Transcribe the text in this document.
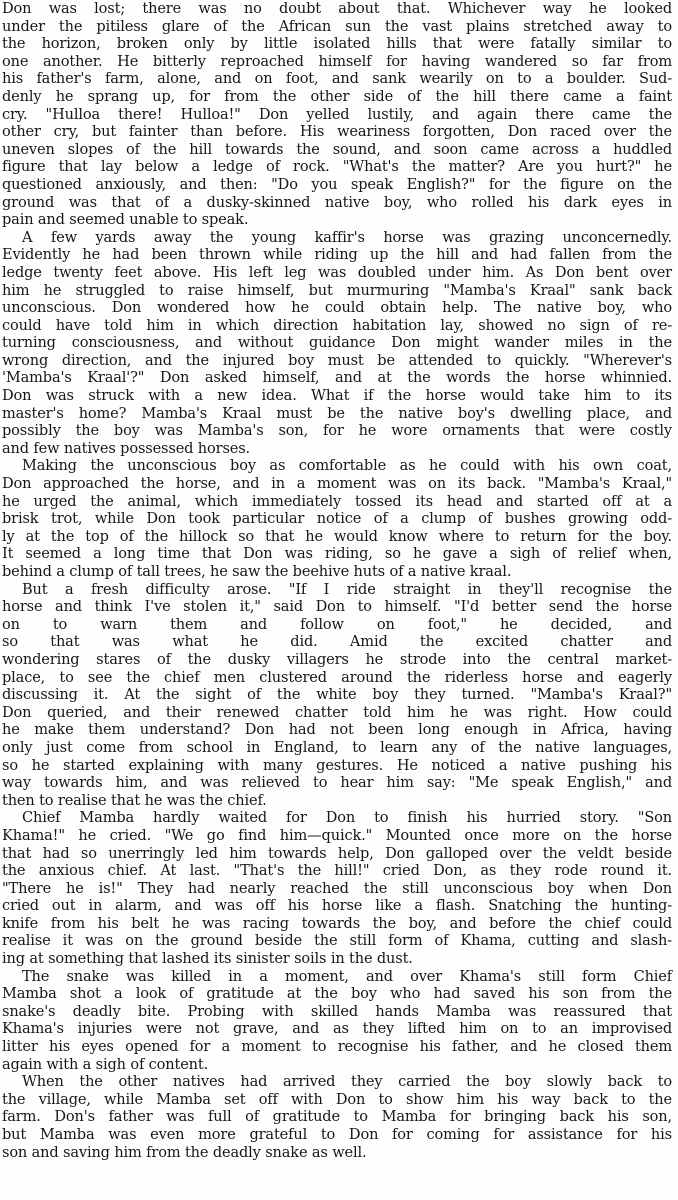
Don was lost; there was no doubt about that. Whichever way he looked
under the pitiless glare of the African sun the vast plains stretched away to
the horizon, broken only by little isolated hills that were fatally similar to
one another. He bitterly reproached himself for having wandered so far from
his father's farm, alone, and on foot, and sank wearily on to a boulder. Sud-
denly he sprang up, for from the other side of the hill there came a faint
cry. "Hulloa there! Hulloa!" Don yelled lustily, and again there came the
other cry, but fainter than before. His weariness forgotten, Don raced over the
uneven slopes of the hill towards the sound, and soon came across a huddled
figure that lay below a ledge of rock. "What's the matter? Are you hurt?" he
questioned anxiously, and then: "Do you speak English?" for the figure on the
ground was that of a dusky-skinned native boy, who rolled his dark eyes in
pain and seemed unable to speak.
A few yards away the young kaffir's horse was grazing unconcernedly.
Evidently he had been thrown while riding up the hill and had fallen from the
ledge twenty feet above. His left leg was doubled under him. As Don bent over
him he struggled to raise himself, but murmuring "Mamba's Kraal" sank back
unconscious. Don wondered how he could obtain help. The native boy, who
could have told him in which direction habitation lay, showed no sign of re-
turning consciousness, and without guidance Don might wander miles in the
wrong direction, and the injured boy must be attended to quickly. "Wherever's
'Mamba's Kraal'?" Don asked himself, and at the words the horse whinnied.
Don was struck with a new idea. What if the horse would take him to its
master's home? Mamba's Kraal must be the native boy's dwelling place, and
possibly the boy was Mamba's son, for he wore ornaments that were costly
and few natives possessed horses.
Making the unconscious boy as comfortable as he could with his own coat,
Don approached the horse, and in a moment was on its back. "Mamba's Kraal,"
he urged the animal, which immediately tossed its head and started off at a
brisk trot, while Don took particular notice of a clump of bushes growing odd-
ly at the top of the hillock so that he would know where to return for the boy.
It seemed a long time that Don was riding, so he gave a sigh of relief when,
behind a clump of tall trees, he saw the beehive huts of a native kraal.
But a fresh difficulty arose. "If I ride straight in they'll recognise the
horse and think I've stolen it," said Don to himself. "I'd better send the horse
on to warn them and follow on foot," he decided, and
so that was what he did. Amid the excited chatter and
wondering stares of the dusky villagers he strode into the central market-
place, to see the chief men clustered around the riderless horse and eagerly
discussing it. At the sight of the white boy they turned. "Mamba's Kraal?"
Don queried, and their renewed chatter told him he was right. How could
he make them understand? Don had not been long enough in Africa, having
only just come from school in England, to learn any of the native languages,
so he started explaining with many gestures. He noticed a native pushing his
way towards him, and was relieved to hear him say: "Me speak English," and
then to realise that he was the chief.
Chief Mamba hardly waited for Don to finish his hurried story. "Son
Khama!" he cried. "We go find him—quick." Mounted once more on the horse
that had so unerringly led him towards help, Don galloped over the veldt beside
the anxious chief. At last. "That's the hill!" cried Don, as they rode round it.
"There he is!" They had nearly reached the still unconscious boy when Don
cried out in alarm, and was off his horse like a flash. Snatching the hunting-
knife from his belt he was racing towards the boy, and before the chief could
realise it was on the ground beside the still form of Khama, cutting and slash-
ing at something that lashed its sinister soils in the dust.
The snake was killed in a moment, and over Khama's still form Chief
Mamba shot a look of gratitude at the boy who had saved his son from the
snake's deadly bite. Probing with skilled hands Mamba was reassured that
Khama's injuries were not grave, and as they lifted him on to an improvised
litter his eyes opened for a moment to recognise his father, and he closed them
again with a sigh of content.
When the other natives had arrived they carried the boy slowly back to
the village, while Mamba set off with Don to show him his way back to the
farm. Don's father was full of gratitude to Mamba for bringing back his son,
but Mamba was even more grateful to Don for coming for assistance for his
son and saving him from the deadly snake as well.
